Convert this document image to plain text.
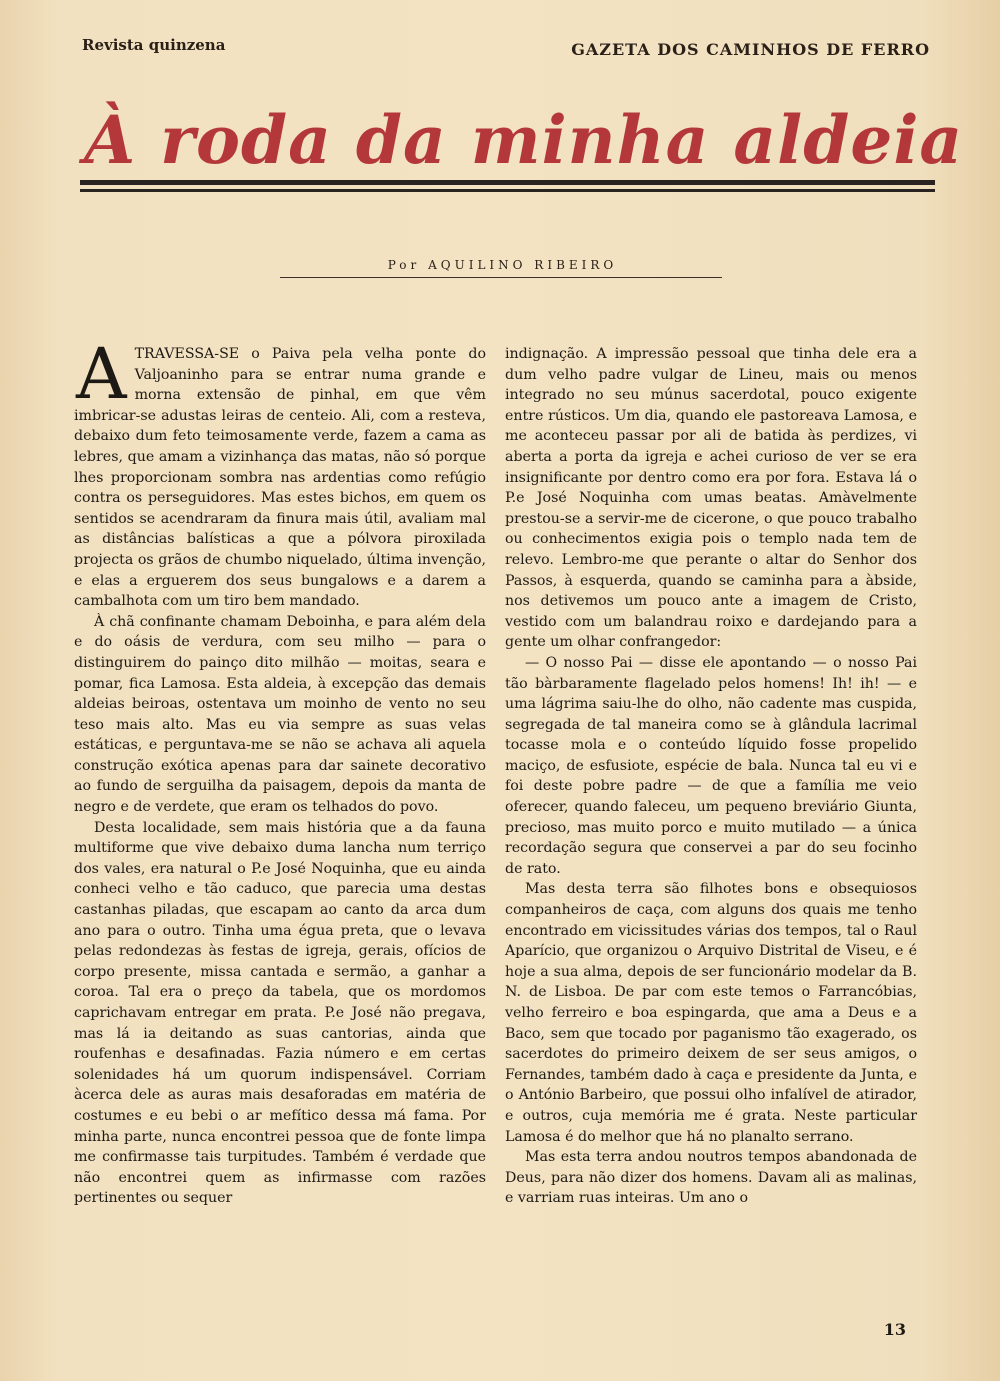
Revista quinzena	GAZETA DOS CAMINHOS DE FERRO
À roda da minha aldeia
Por AQUILINO RIBEIRO

ATRAVESSA-SE o Paiva pela velha ponte do Valjoaninho para se entrar numa grande e morna extensão de pinhal, em que vêm imbricar-se adustas leiras de centeio. Ali, com a resteva, debaixo dum feto teimosamente verde, fazem a cama as lebres, que amam a vizinhança das matas, não só porque lhes proporcionam sombra nas ardentias como refúgio contra os perseguidores. Mas estes bichos, em quem os sentidos se acendraram da finura mais útil, avaliam mal as distâncias balísticas a que a pólvora piroxilada projecta os grãos de chumbo niquelado, última invenção, e elas a erguerem dos seus bungalows e a darem a cambalhota com um tiro bem mandado.

À chã confinante chamam Deboinha, e para além dela e do oásis de verdura, com seu milho — para o distinguirem do painço dito milhão — moitas, seara e pomar, fica Lamosa. Esta aldeia, à excepção das demais aldeias beiroas, ostentava um moinho de vento no seu teso mais alto. Mas eu via sempre as suas velas estáticas, e perguntava-me se não se achava ali aquela construção exótica apenas para dar sainete decorativo ao fundo de serguilha da paisagem, depois da manta de negro e de verdete, que eram os telhados do povo.

Desta localidade, sem mais história que a da fauna multiforme que vive debaixo duma lancha num terriço dos vales, era natural o P.e José Noquinha, que eu ainda conheci velho e tão caduco, que parecia uma destas castanhas piladas, que escapam ao canto da arca dum ano para o outro. Tinha uma égua preta, que o levava pelas redondezas às festas de igreja, gerais, ofícios de corpo presente, missa cantada e sermão, a ganhar a coroa. Tal era o preço da tabela, que os mordomos caprichavam entregar em prata. P.e José não pregava, mas lá ia deitando as suas cantorias, ainda que roufenhas e desafinadas. Fazia número e em certas solenidades há um quorum indispensável. Corriam àcerca dele as auras mais desaforadas em matéria de costumes e eu bebi o ar mefítico dessa má fama. Por minha parte, nunca encontrei pessoa que de fonte limpa me confirmasse tais turpitudes. Também é verdade que não encontrei quem as infirmasse com razões pertinentes ou sequer

indignação. A impressão pessoal que tinha dele era a dum velho padre vulgar de Lineu, mais ou menos integrado no seu múnus sacerdotal, pouco exigente entre rústicos. Um dia, quando ele pastoreava Lamosa, e me aconteceu passar por ali de batida às perdizes, vi aberta a porta da igreja e achei curioso de ver se era insignificante por dentro como era por fora. Estava lá o P.e José Noquinha com umas beatas. Amàvelmente prestou-se a servir-me de cicerone, o que pouco trabalho ou conhecimentos exigia pois o templo nada tem de relevo. Lembro-me que perante o altar do Senhor dos Passos, à esquerda, quando se caminha para a àbside, nos detivemos um pouco ante a imagem de Cristo, vestido com um balandrau roixo e dardejando para a gente um olhar confrangedor:

— O nosso Pai — disse ele apontando — o nosso Pai tão bàrbaramente flagelado pelos homens! Ih! ih! — e uma lágrima saiu-lhe do olho, não cadente mas cuspida, segregada de tal maneira como se à glândula lacrimal tocasse mola e o conteúdo líquido fosse propelido maciço, de esfusiote, espécie de bala. Nunca tal eu vi e foi deste pobre padre — de que a família me veio oferecer, quando faleceu, um pequeno breviário Giunta, precioso, mas muito porco e muito mutilado — a única recordação segura que conservei a par do seu focinho de rato.

Mas desta terra são filhotes bons e obsequiosos companheiros de caça, com alguns dos quais me tenho encontrado em vicissitudes várias dos tempos, tal o Raul Aparício, que organizou o Arquivo Distrital de Viseu, e é hoje a sua alma, depois de ser funcionário modelar da B. N. de Lisboa. De par com este temos o Farrancóbias, velho ferreiro e boa espingarda, que ama a Deus e a Baco, sem que tocado por paganismo tão exagerado, os sacerdotes do primeiro deixem de ser seus amigos, o Fernandes, também dado à caça e presidente da Junta, e o António Barbeiro, que possui olho infalível de atirador, e outros, cuja memória me é grata. Neste particular Lamosa é do melhor que há no planalto serrano.

Mas esta terra andou noutros tempos abandonada de Deus, para não dizer dos homens. Davam ali as malinas, e varriam ruas inteiras. Um ano o

13
